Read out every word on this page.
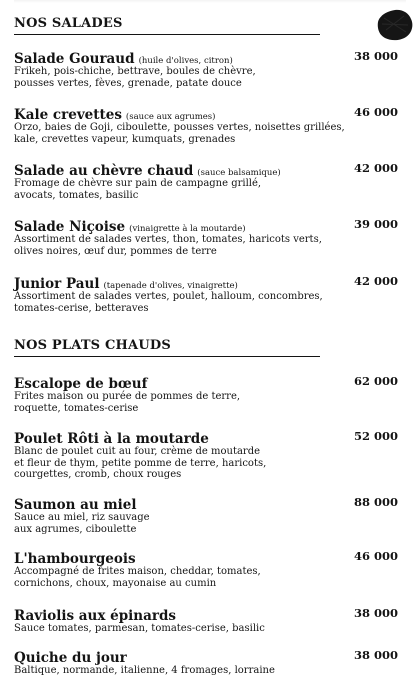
NOS SALADES
Salade Gouraud (huile d'olives, citron)	38 000
Frikeh, pois-chiche, bettrave, boules de chèvre,
pousses vertes, fèves, grenade, patate douce
Kale crevettes (sauce aux agrumes)	46 000
Orzo, baies de Goji, ciboulette, pousses vertes, noisettes grillées,
kale, crevettes vapeur, kumquats, grenades
Salade au chèvre chaud (sauce balsamique)	42 000
Fromage de chèvre sur pain de campagne grillé,
avocats, tomates, basilic
Salade Niçoise (vinaigrette à la moutarde)	39 000
Assortiment de salades vertes, thon, tomates, haricots verts,
olives noires, œuf dur, pommes de terre
Junior Paul (tapenade d'olives, vinaigrette)	42 000
Assortiment de salades vertes, poulet, halloum, concombres,
tomates-cerise, betteraves
NOS PLATS CHAUDS
Escalope de bœuf	62 000
Frites maison ou purée de pommes de terre,
roquette, tomates-cerise
Poulet Rôti à la moutarde	52 000
Blanc de poulet cuit au four, crème de moutarde
et fleur de thym, petite pomme de terre, haricots,
courgettes, cromb, choux rouges
Saumon au miel	88 000
Sauce au miel, riz sauvage
aux agrumes, ciboulette
L'hambourgeois	46 000
Accompagné de frites maison, cheddar, tomates,
cornichons, choux, mayonaise au cumin
Raviolis aux épinards	38 000
Sauce tomates, parmesan, tomates-cerise, basilic
Quiche du jour	38 000
Baltique, normande, italienne, 4 fromages, lorraine
